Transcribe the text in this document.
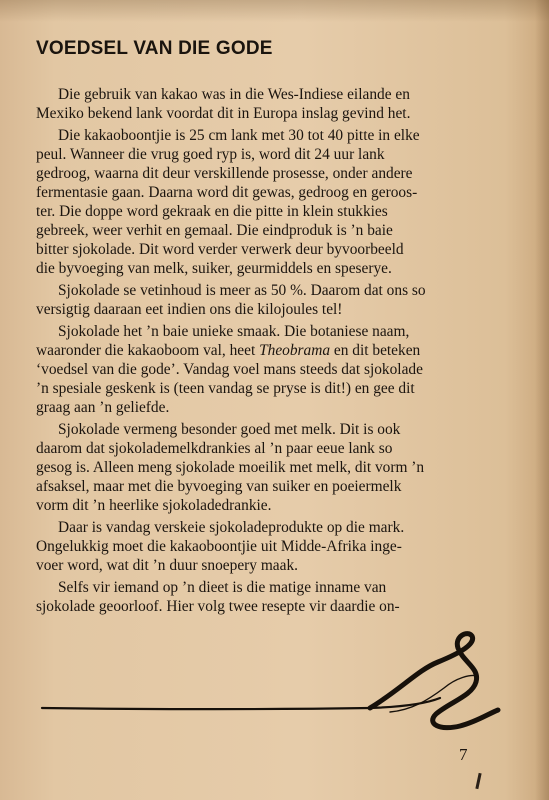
VOEDSEL VAN DIE GODE

Die gebruik van kakao was in die Wes-Indiese eilande en
Mexiko bekend lank voordat dit in Europa inslag gevind het.

Die kakaoboontjie is 25 cm lank met 30 tot 40 pitte in elke
peul. Wanneer die vrug goed ryp is, word dit 24 uur lank
gedroog, waarna dit deur verskillende prosesse, onder andere
fermentasie gaan. Daarna word dit gewas, gedroog en geroos-
ter. Die doppe word gekraak en die pitte in klein stukkies
gebreek, weer verhit en gemaal. Die eindproduk is ’n baie
bitter sjokolade. Dit word verder verwerk deur byvoorbeeld
die byvoeging van melk, suiker, geurmiddels en speserye.

Sjokolade se vetinhoud is meer as 50 %. Daarom dat ons so
versigtig daaraan eet indien ons die kilojoules tel!

Sjokolade het ’n baie unieke smaak. Die botaniese naam,
waaronder die kakaoboom val, heet Theobrama en dit beteken
‘voedsel van die gode’. Vandag voel mans steeds dat sjokolade
’n spesiale geskenk is (teen vandag se pryse is dit!) en gee dit
graag aan ’n geliefde.

Sjokolade vermeng besonder goed met melk. Dit is ook
daarom dat sjokolademelkdrankies al ’n paar eeue lank so
gesog is. Alleen meng sjokolade moeilik met melk, dit vorm ’n
afsaksel, maar met die byvoeging van suiker en poeiermelk
vorm dit ’n heerlike sjokoladedrankie.

Daar is vandag verskeie sjokoladeprodukte op die mark.
Ongelukkig moet die kakaoboontjie uit Midde-Afrika inge-
voer word, wat dit ’n duur snoepery maak.

Selfs vir iemand op ’n dieet is die matige inname van
sjokolade geoorloof. Hier volg twee resepte vir daardie on-

7
